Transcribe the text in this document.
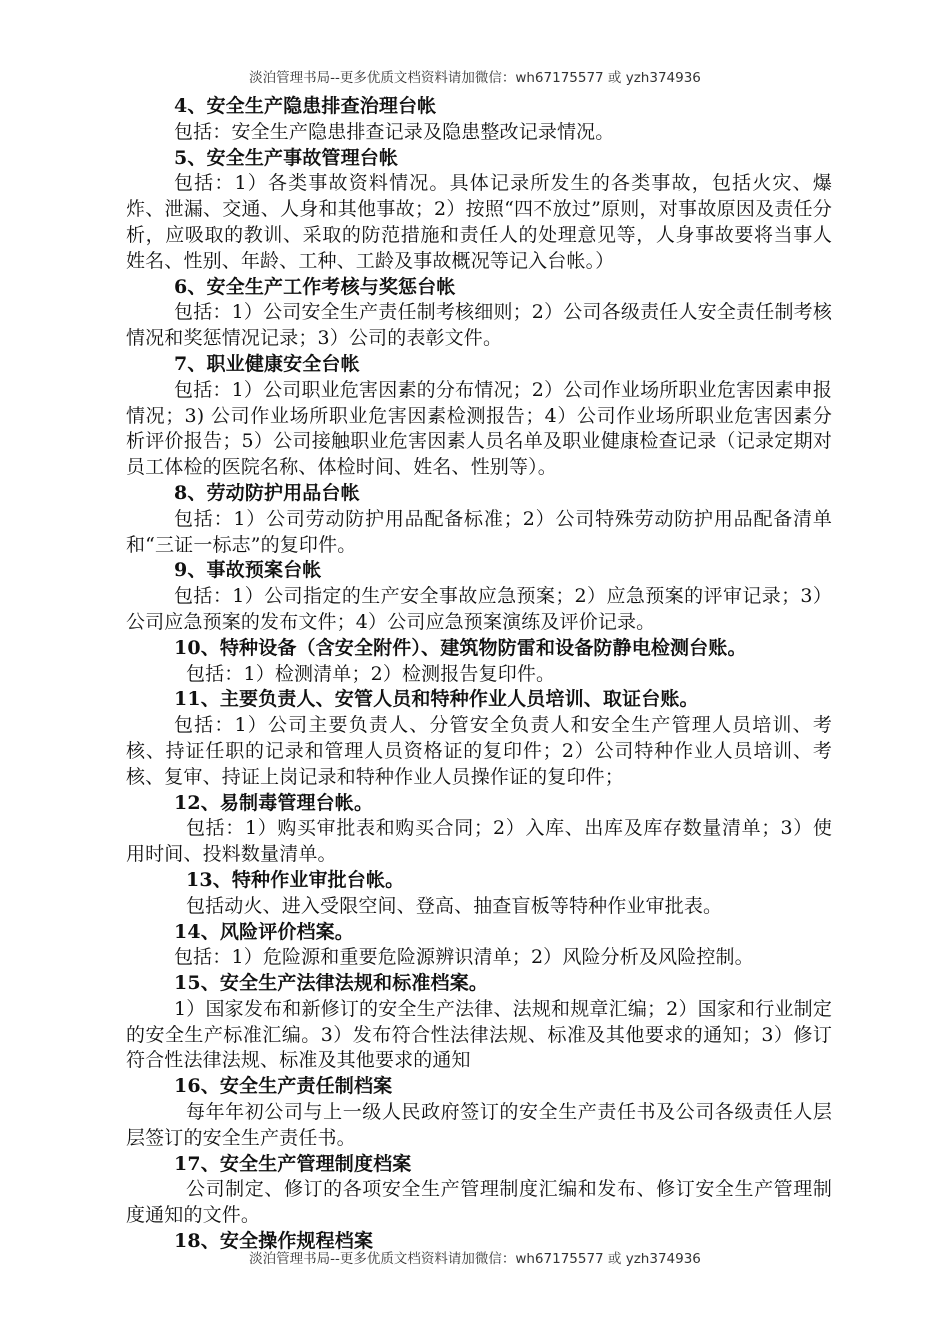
淡泊管理书局--更多优质文档资料请加微信：wh67175577 或 yzh374936

4、安全生产隐患排查治理台帐

包括：安全生产隐患排查记录及隐患整改记录情况。

5、安全生产事故管理台帐

包括：1）各类事故资料情况。具体记录所发生的各类事故，包括火灾、爆炸、泄漏、交通、人身和其他事故；2）按照“四不放过”原则，对事故原因及责任分析，应吸取的教训、采取的防范措施和责任人的处理意见等，人身事故要将当事人姓名、性别、年龄、工种、工龄及事故概况等记入台帐。）

6、安全生产工作考核与奖惩台帐

包括：1）公司安全生产责任制考核细则；2）公司各级责任人安全责任制考核情况和奖惩情况记录；3）公司的表彰文件。

7、职业健康安全台帐

包括：1）公司职业危害因素的分布情况；2）公司作业场所职业危害因素申报情况；3) 公司作业场所职业危害因素检测报告；4）公司作业场所职业危害因素分析评价报告；5）公司接触职业危害因素人员名单及职业健康检查记录（记录定期对员工体检的医院名称、体检时间、姓名、性别等）。

8、劳动防护用品台帐

包括：1）公司劳动防护用品配备标准；2）公司特殊劳动防护用品配备清单和“三证一标志”的复印件。

9、事故预案台帐

包括：1）公司指定的生产安全事故应急预案；2）应急预案的评审记录；3）公司应急预案的发布文件；4）公司应急预案演练及评价记录。

10、特种设备（含安全附件）、建筑物防雷和设备防静电检测台账。

包括：1）检测清单；2）检测报告复印件。

11、主要负责人、安管人员和特种作业人员培训、取证台账。

包括：1）公司主要负责人、分管安全负责人和安全生产管理人员培训、考核、持证任职的记录和管理人员资格证的复印件；2）公司特种作业人员培训、考核、复审、持证上岗记录和特种作业人员操作证的复印件；

12、易制毒管理台帐。

包括：1）购买审批表和购买合同；2）入库、出库及库存数量清单；3）使用时间、投料数量清单。

13、特种作业审批台帐。

包括动火、进入受限空间、登高、抽查盲板等特种作业审批表。

14、风险评价档案。

包括：1）危险源和重要危险源辨识清单；2）风险分析及风险控制。

15、安全生产法律法规和标准档案。

1）国家发布和新修订的安全生产法律、法规和规章汇编；2）国家和行业制定的安全生产标准汇编。3）发布符合性法律法规、标准及其他要求的通知；3）修订符合性法律法规、标准及其他要求的通知

16、安全生产责任制档案

每年年初公司与上一级人民政府签订的安全生产责任书及公司各级责任人层层签订的安全生产责任书。

17、安全生产管理制度档案

公司制定、修订的各项安全生产管理制度汇编和发布、修订安全生产管理制度通知的文件。

18、安全操作规程档案

淡泊管理书局--更多优质文档资料请加微信：wh67175577 或 yzh374936
